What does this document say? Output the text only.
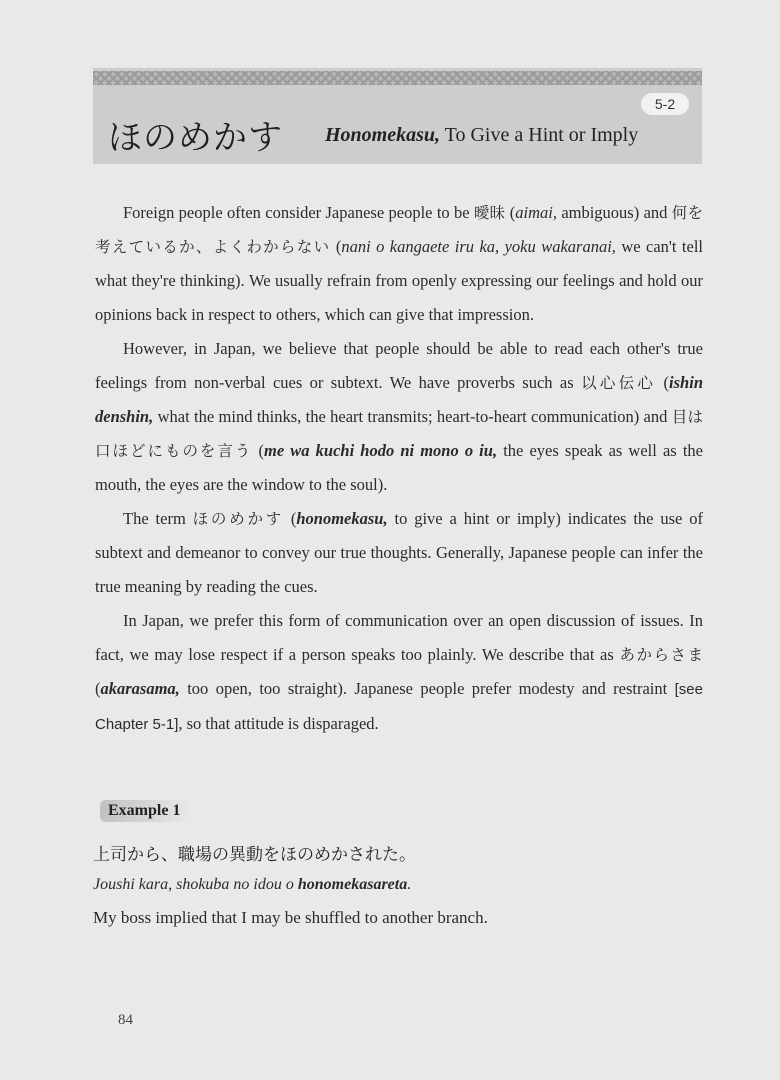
5-2
ほのめかす Honomekasu, To Give a Hint or Imply

Foreign people often consider Japanese people to be 曖昧 (aimai, ambiguous) and 何を考えているか、よくわからない (nani o kangaete iru ka, yoku wakaranai, we can't tell what they're thinking). We usually refrain from openly expressing our feelings and hold our opinions back in respect to others, which can give that impression.

However, in Japan, we believe that people should be able to read each other's true feelings from non-verbal cues or subtext. We have proverbs such as 以心伝心 (ishin denshin, what the mind thinks, the heart transmits; heart-to-heart communication) and 目は口ほどにものを言う (me wa kuchi hodo ni mono o iu, the eyes speak as well as the mouth, the eyes are the window to the soul).

The term ほのめかす (honomekasu, to give a hint or imply) indicates the use of subtext and demeanor to convey our true thoughts. Generally, Japanese people can infer the true meaning by reading the cues.

In Japan, we prefer this form of communication over an open discussion of issues. In fact, we may lose respect if a person speaks too plainly. We describe that as あからさま (akarasama, too open, too straight). Japanese people prefer modesty and restraint [see Chapter 5-1], so that attitude is disparaged.

Example 1
上司から、職場の異動をほのめかされた。
Joushi kara, shokuba no idou o honomekasareta.
My boss implied that I may be shuffled to another branch.
84
